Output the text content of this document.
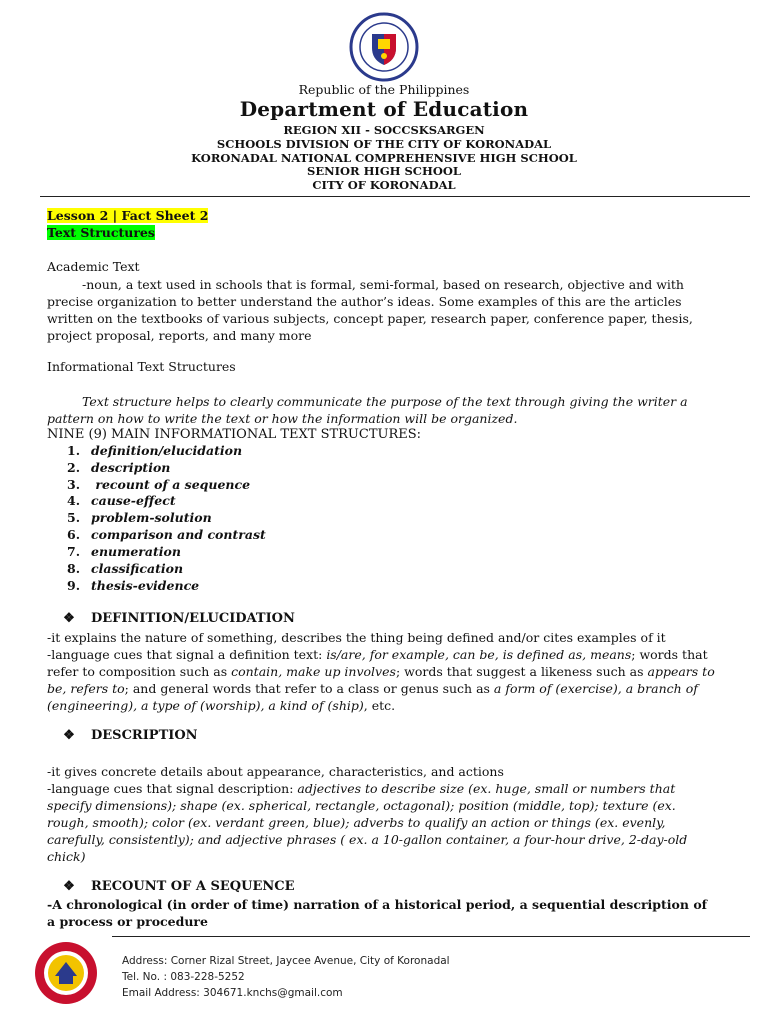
Republic of the Philippines
Department of Education
REGION XII - SOCCSKSARGEN
SCHOOLS DIVISION OF THE CITY OF KORONADAL
KORONADAL NATIONAL COMPREHENSIVE HIGH SCHOOL
SENIOR HIGH SCHOOL
CITY OF KORONADAL
Lesson 2 | Fact Sheet 2
Text Structures
Academic Text

-noun, a text used in schools that is formal, semi-formal, based on research, objective and with precise organization to better understand the author’s ideas. Some examples of this are the articles written on the textbooks of various subjects, concept paper, research paper, conference paper, thesis, project proposal, reports, and many more

Informational Text Structures

Text structure helps to clearly communicate the purpose of the text through giving the writer a pattern on how to write the text or how the information will be organized.

NINE (9) MAIN INFORMATIONAL TEXT STRUCTURES:
1. definition/elucidation
2. description
3. recount of a sequence
4. cause-effect
5. problem-solution
6. comparison and contrast
7. enumeration
8. classification
9. thesis-evidence
❖ DEFINITION/ELUCIDATION
-it explains the nature of something, describes the thing being defined and/or cites examples of it

-language cues that signal a definition text: is/are, for example, can be, is defined as, means; words that refer to composition such as contain, make up involves; words that suggest a likeness such as appears to be, refers to; and general words that refer to a class or genus such as a form of (exercise), a branch of (engineering), a type of (worship), a kind of (ship), etc.

❖ DESCRIPTION
-it gives concrete details about appearance, characteristics, and actions

-language cues that signal description: adjectives to describe size (ex. huge, small or numbers that specify dimensions); shape (ex. spherical, rectangle, octagonal); position (middle, top); texture (ex. rough, smooth); color (ex. verdant green, blue); adverbs to qualify an action or things (ex. evenly, carefully, consistently); and adjective phrases ( ex. a 10-gallon container, a four-hour drive, 2-day-old chick)

❖ RECOUNT OF A SEQUENCE

-A chronological (in order of time) narration of a historical period, a sequential description of a process or procedure

Address: Corner Rizal Street, Jaycee Avenue, City of Koronadal
Tel. No. : 083-228-5252
Email Address: 304671.knchs@gmail.com
